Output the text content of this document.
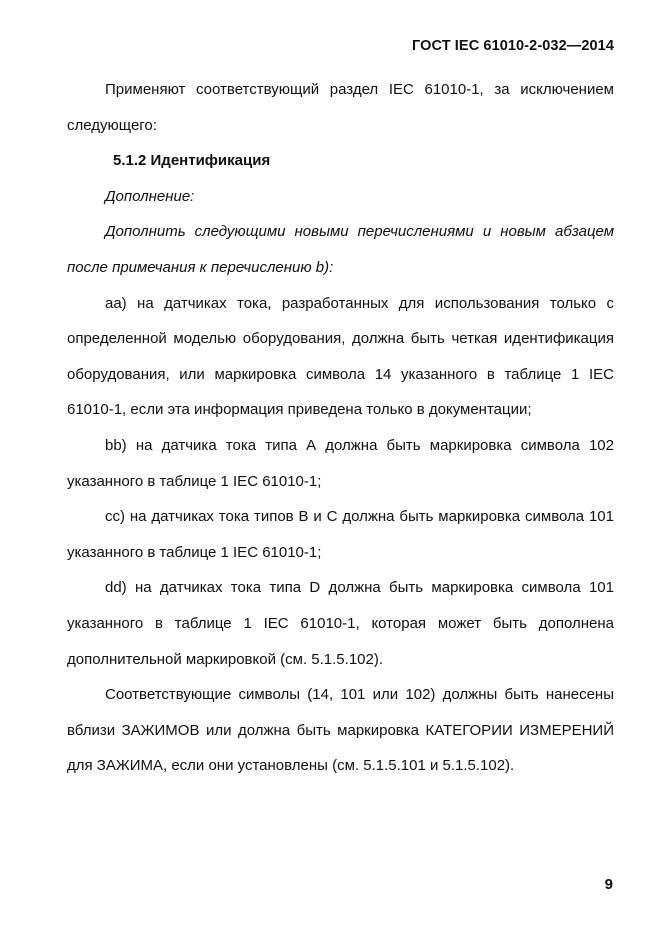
ГОСТ IEC 61010-2-032—2014

Применяют соответствующий раздел IEC 61010-1, за исключением следующего:

5.1.2 Идентификация

Дополнение:

Дополнить следующими новыми перечислениями и новым абзацем после примечания к перечислению b):

aa) на датчиках тока, разработанных для использования только с определенной моделью оборудования, должна быть четкая идентификация оборудования, или маркировка символа 14 указанного в таблице 1 IEC 61010-1, если эта информация приведена только в документации;

bb) на датчика тока типа А должна быть маркировка символа 102 указанного в таблице 1 IEC 61010-1;

cc) на датчиках тока типов В и С должна быть маркировка символа 101 указанного в таблице 1 IEC 61010-1;

dd) на датчиках тока типа D должна быть маркировка символа 101 указанного в таблице 1 IEC 61010-1, которая может быть дополнена дополнительной маркировкой (см. 5.1.5.102).

Соответствующие символы (14, 101 или 102) должны быть нанесены вблизи ЗАЖИМОВ или должна быть маркировка КАТЕГОРИИ ИЗМЕРЕНИЙ для ЗАЖИМА, если они установлены (см. 5.1.5.101 и 5.1.5.102).

9
